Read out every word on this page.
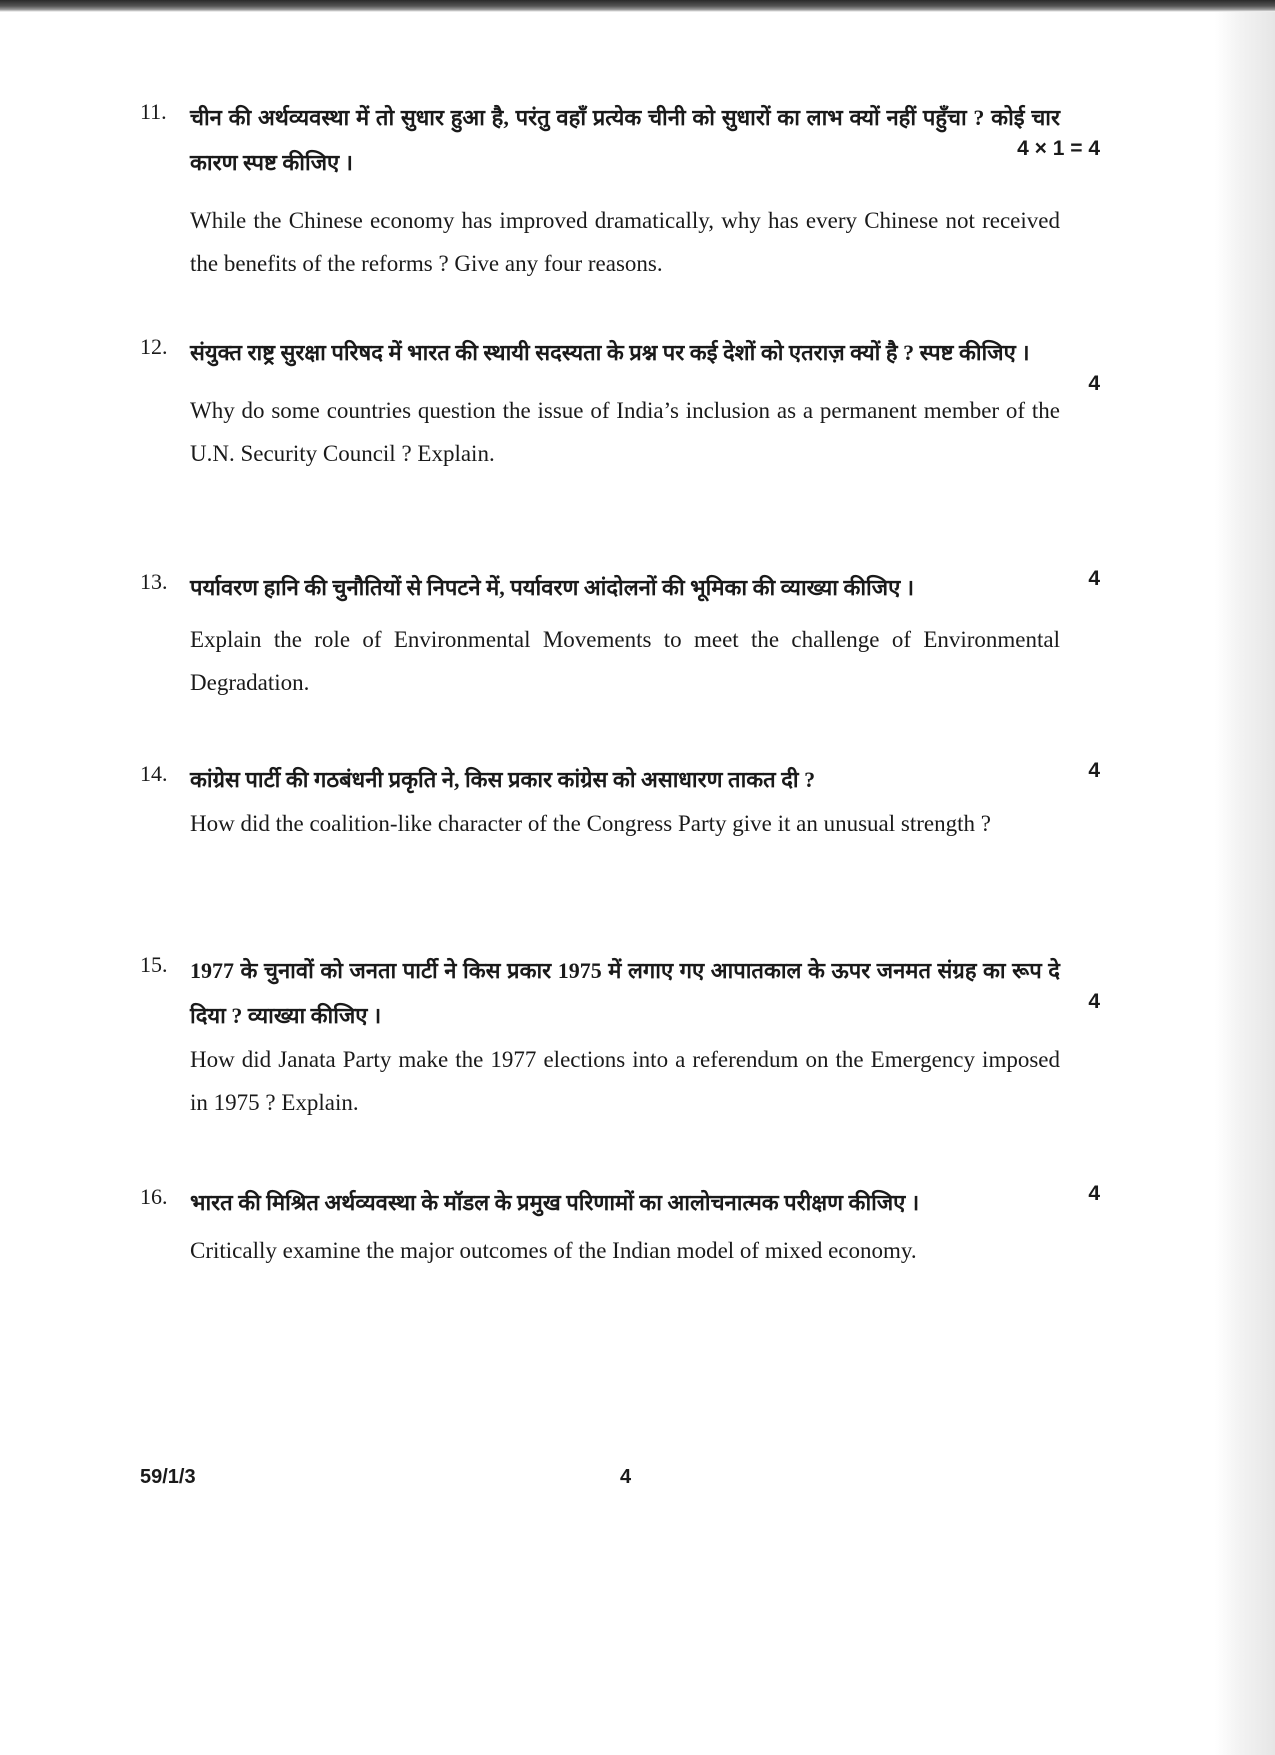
11.	चीन की अर्थव्यवस्था में तो सुधार हुआ है, परंतु वहाँ प्रत्येक चीनी को सुधारों का लाभ क्यों नहीं पहुँचा ? कोई चार कारण स्पष्ट कीजिए ।

While the Chinese economy has improved dramatically, why has every Chinese not received the benefits of the reforms ? Give any four reasons.

4 × 1 = 4
12.	संयुक्त राष्ट्र सुरक्षा परिषद में भारत की स्थायी सदस्यता के प्रश्न पर कई देशों को एतराज़ क्यों है ? स्पष्ट कीजिए ।

Why do some countries question the issue of India’s inclusion as a permanent member of the U.N. Security Council ? Explain.

4
13.	पर्यावरण हानि की चुनौतियों से निपटने में, पर्यावरण आंदोलनों की भूमिका की व्याख्या कीजिए ।

Explain the role of Environmental Movements to meet the challenge of Environmental Degradation.

4
14.	कांग्रेस पार्टी की गठबंधनी प्रकृति ने, किस प्रकार कांग्रेस को असाधारण ताकत दी ?

How did the coalition-like character of the Congress Party give it an unusual strength ?

4
15.	1977 के चुनावों को जनता पार्टी ने किस प्रकार 1975 में लगाए गए आपातकाल के ऊपर जनमत संग्रह का रूप दे दिया ? व्याख्या कीजिए ।

How did Janata Party make the 1977 elections into a referendum on the Emergency imposed in 1975 ? Explain.

4
16.	भारत की मिश्रित अर्थव्यवस्था के मॉडल के प्रमुख परिणामों का आलोचनात्मक परीक्षण कीजिए ।

Critically examine the major outcomes of the Indian model of mixed economy.

4
59/1/3	4
